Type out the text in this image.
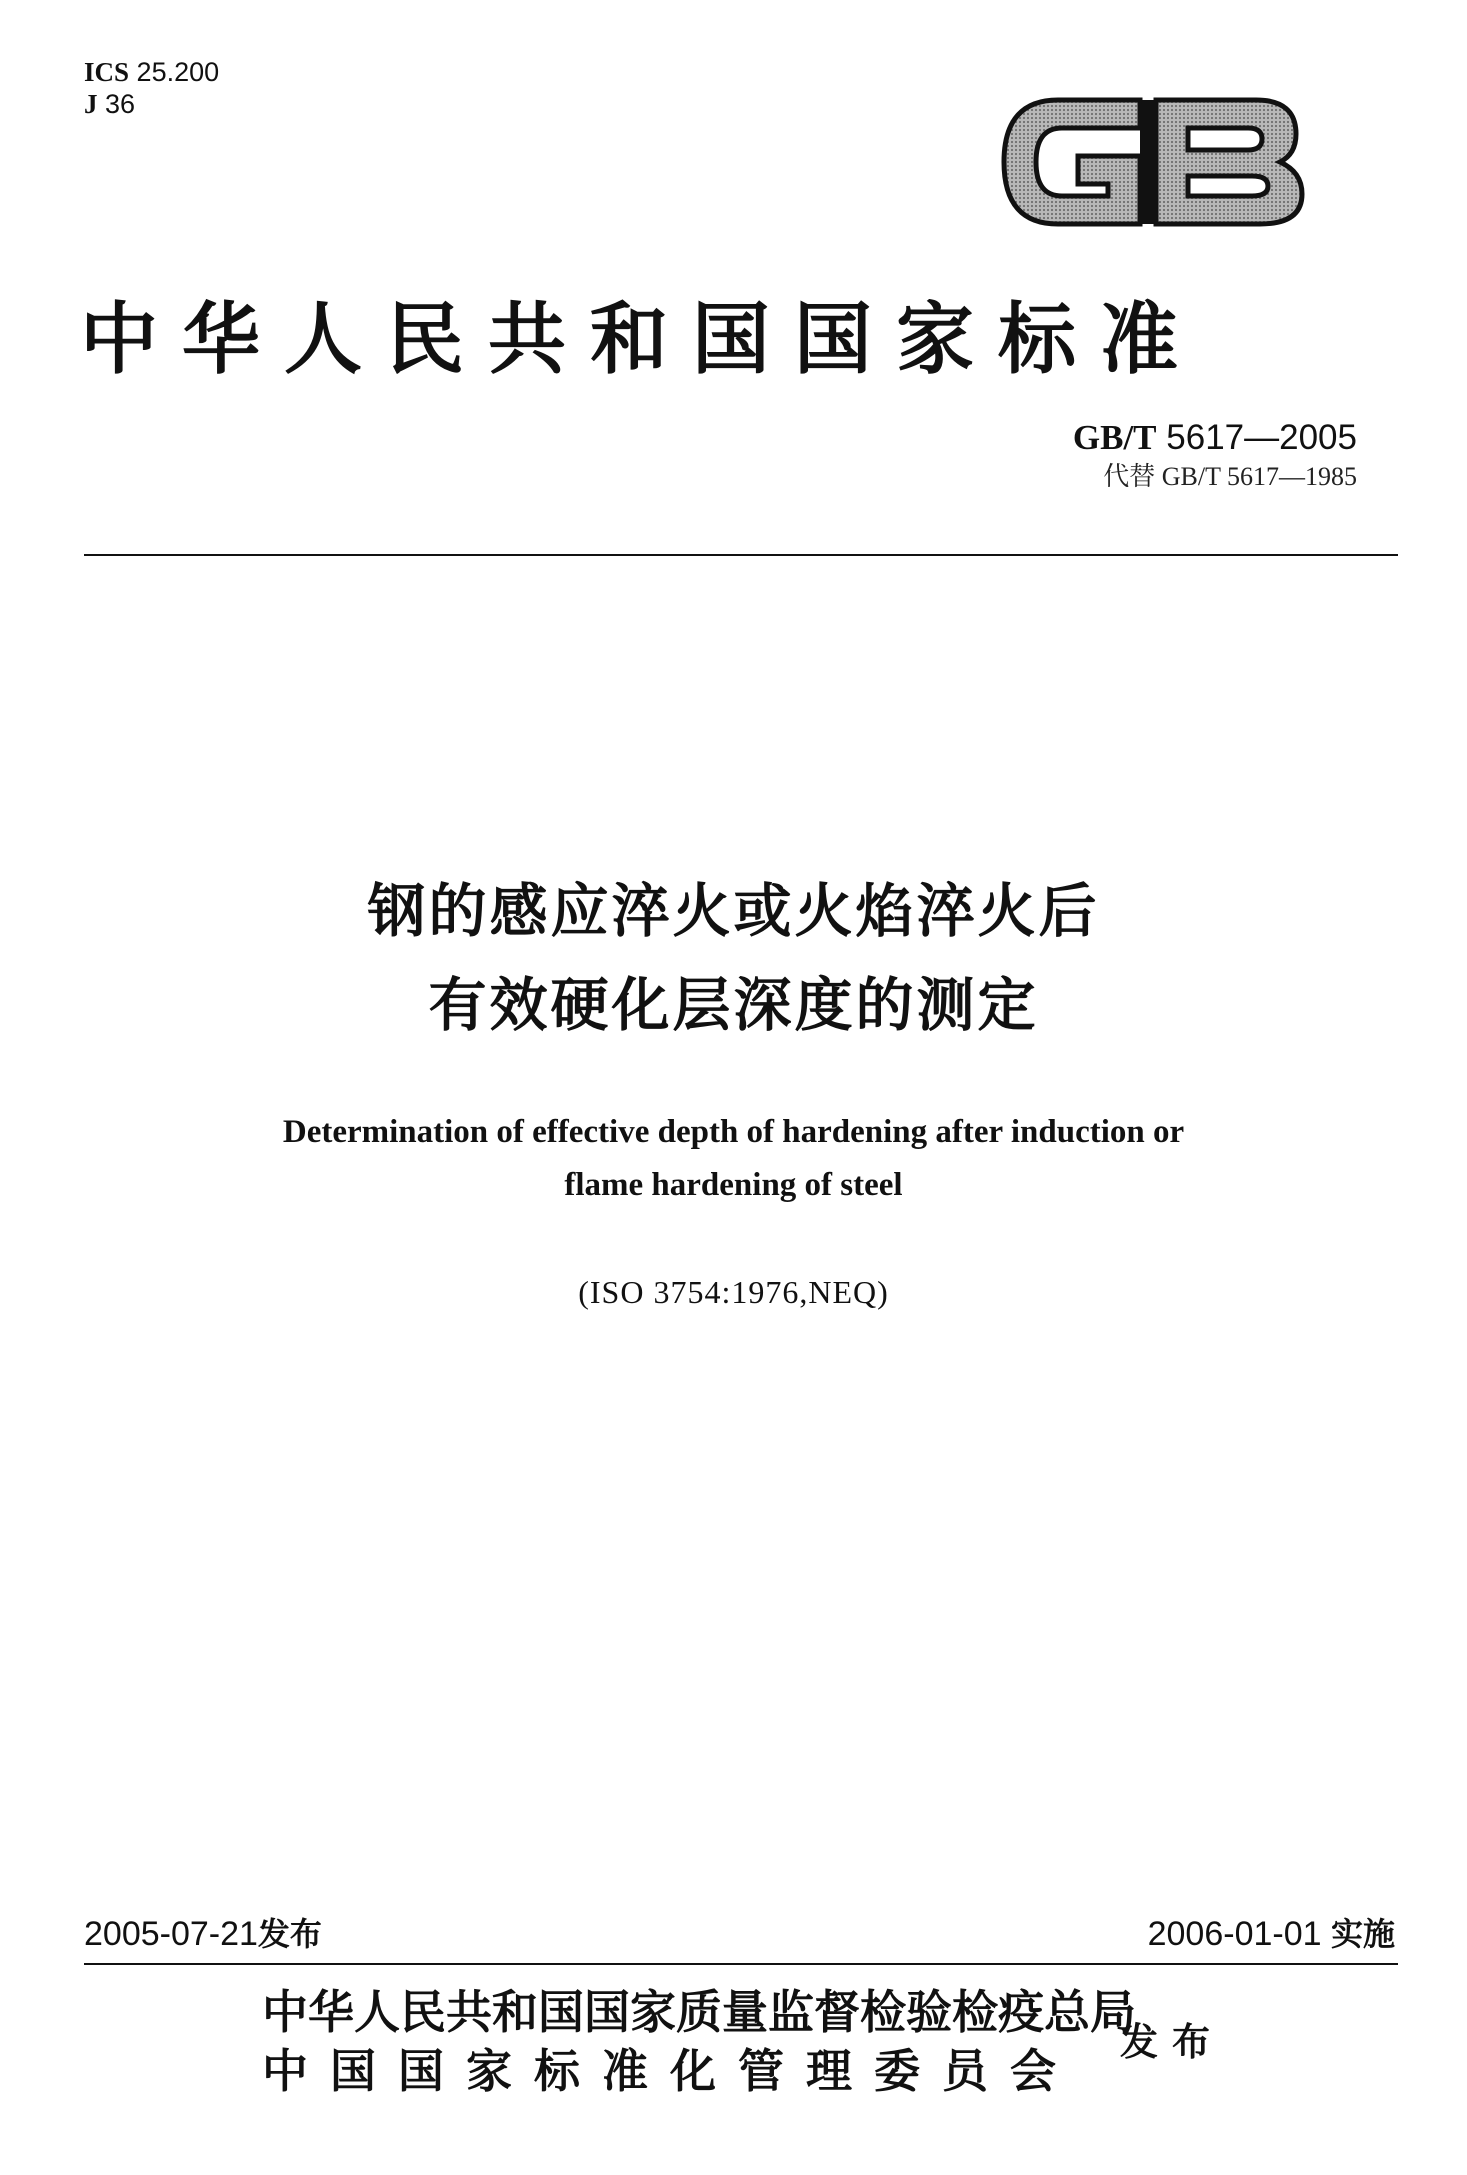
ICS 25.200
J 36
中华人民共和国国家标准
GB/T 5617—2005
代替 GB/T 5617—1985
钢的感应淬火或火焰淬火后
有效硬化层深度的测定
Determination of effective depth of hardening after induction or
flame hardening of steel
(ISO 3754:1976,NEQ)
2005-07-21发布	2006-01-01 实施
中华人民共和国国家质量监督检验检疫总局
中国国家标准化管理委员会
发布
